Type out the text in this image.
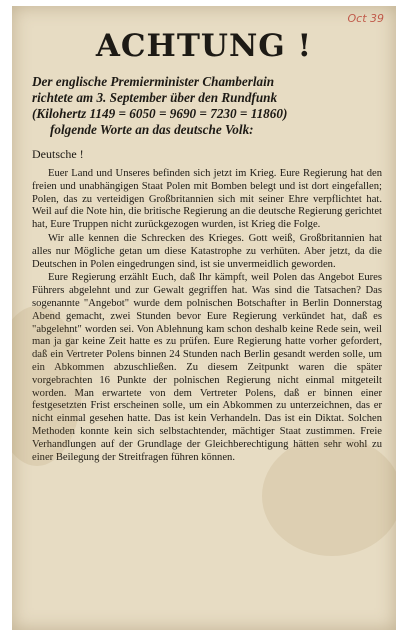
Oct 39
ACHTUNG !
Der englische Premierminister Chamberlain
richtete am 3. September über den Rundfunk
(Kilohertz 1149 = 6050 = 9690 = 7230 = 11860)
folgende Worte an das deutsche Volk:
Deutsche !

Euer Land und Unseres befinden sich jetzt im Krieg. Eure Regierung hat den freien und unabhängigen Staat Polen mit Bomben belegt und ist dort eingefallen; Polen, das zu verteidigen Großbritannien sich mit seiner Ehre verpflichtet hat. Weil auf die Note hin, die britische Regierung an die deutsche Regierung gerichtet hat, Eure Truppen nicht zurückgezogen wurden, ist Krieg die Folge.

Wir alle kennen die Schrecken des Krieges. Gott weiß, Großbritannien hat alles nur Mögliche getan um diese Katastrophe zu verhüten. Aber jetzt, da die Deutschen in Polen eingedrungen sind, ist sie unvermeidlich geworden.

Eure Regierung erzählt Euch, daß Ihr kämpft, weil Polen das Angebot Eures Führers abgelehnt und zur Gewalt gegriffen hat. Was sind die Tatsachen? Das sogenannte "Angebot" wurde dem polnischen Botschafter in Berlin Donnerstag Abend gemacht, zwei Stunden bevor Eure Regierung verkündet hat, daß es "abgelehnt" worden sei. Von Ablehnung kam schon deshalb keine Rede sein, weil man ja gar keine Zeit hatte es zu prüfen. Eure Regierung hatte vorher gefordert, daß ein Vertreter Polens binnen 24 Stunden nach Berlin gesandt werden solle, um ein Abkommen abzuschließen. Zu diesem Zeitpunkt waren die später vorgebrachten 16 Punkte der polnischen Regierung nicht einmal mitgeteilt worden. Man erwartete von dem Vertreter Polens, daß er binnen einer festgesetzten Frist erscheinen solle, um ein Abkommen zu unterzeichnen, das er nicht einmal gesehen hatte. Das ist kein Verhandeln. Das ist ein Diktat. Solchen Methoden konnte kein sich selbstachtender, mächtiger Staat zustimmen. Freie Verhandlungen auf der Grundlage der Gleichberechtigung hätten sehr wohl zu einer Beilegung der Streitfragen führen können.
